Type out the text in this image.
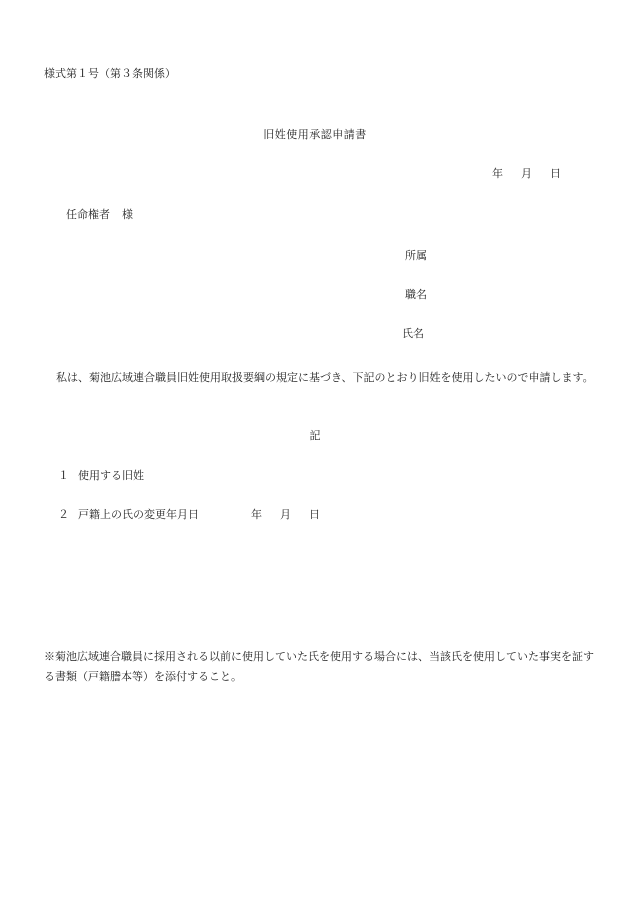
様式第１号（第３条関係）
旧姓使用承認申請書
年 月 日
任命権者 様
所属
職名
氏名
私は、菊池広域連合職員旧姓使用取扱要綱の規定に基づき、下記のとおり旧姓を使用したいので申請します。
記
１ 使用する旧姓
２ 戸籍上の氏の変更年月日	年 月 日
※菊池広域連合職員に採用される以前に使用していた氏を使用する場合には、当該氏を使用していた事実を証する書類（戸籍謄本等）を添付すること。
